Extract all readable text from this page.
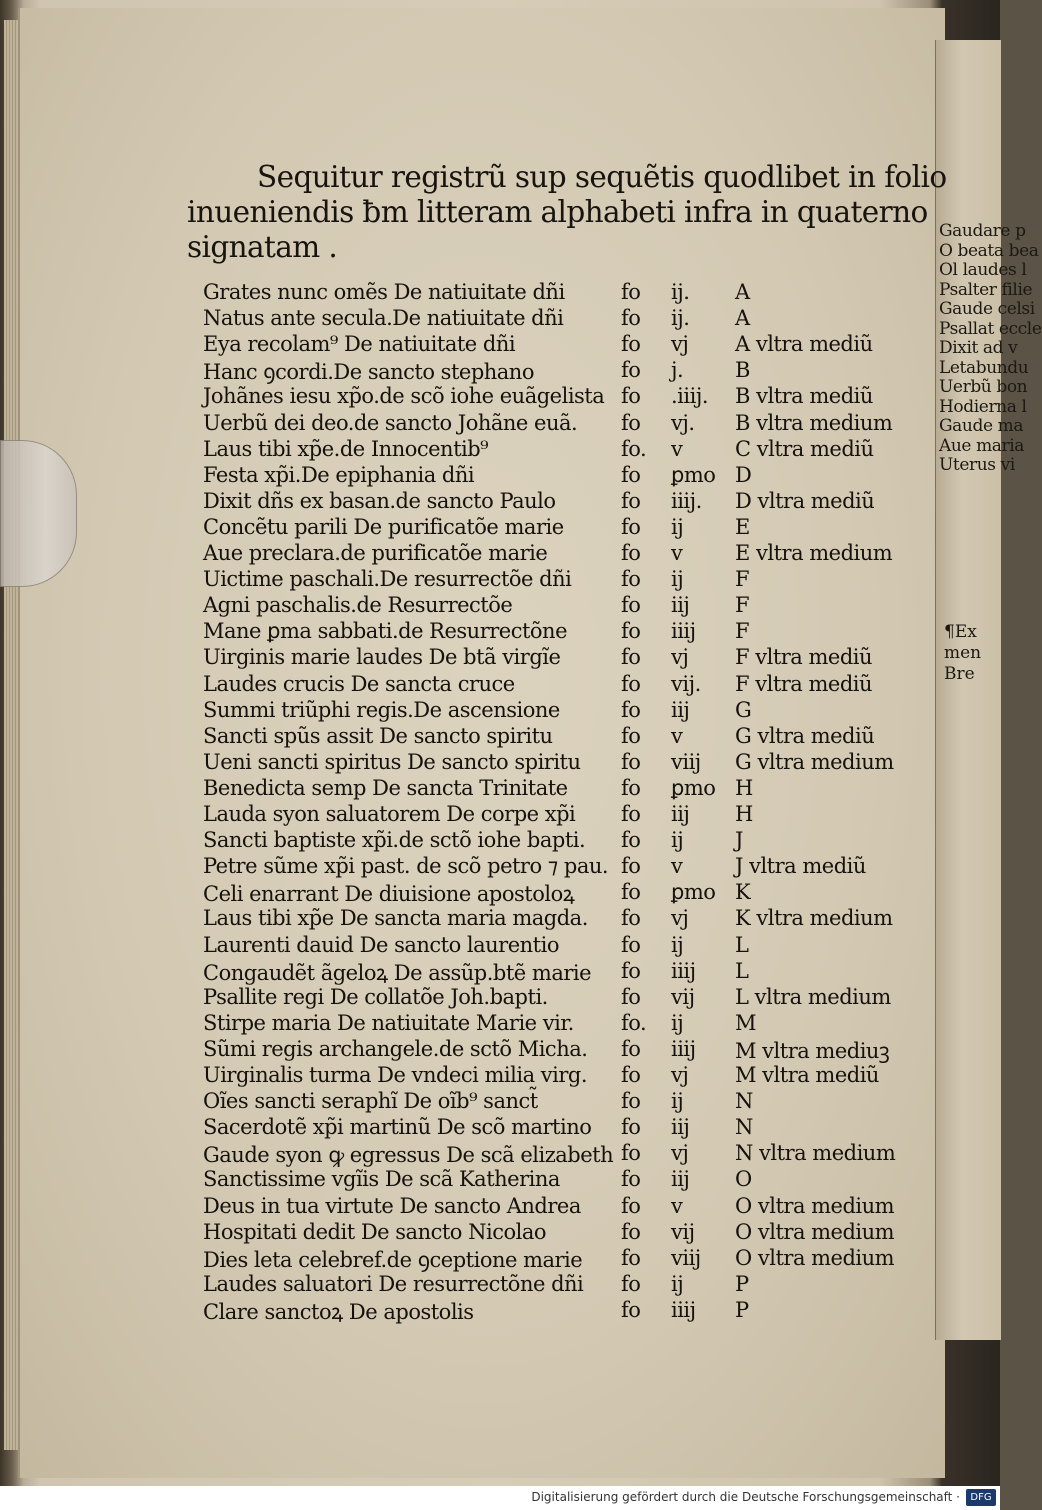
Gaudare p
O beata bea
Ol laudes l
Psalter filie
Gaude celsi
Psallat eccle
Dixit ad v
Letabundu
Uerbũ bon
Hodierna l
Gaude ma
Aue maria
Uterus vi
¶Ex
men
Bre
Sequitur registrũ sup sequẽtis quodlibet in folio
inueniendis ƀm litteram alphabeti infra in quaterno
signatam .
Grates nunc omẽs De natiuitate dñi	fo ij. A
Natus ante secula.De natiuitate dñi	fo ij. A
Eya recolam⁹ De natiuitate dñi	fo vj A vltra mediũ
Hanc ꝯcordi.De sancto stephano	fo j. B
Johãnes iesu xp̃o.de scõ iohe euãgelista fo .iiij. B vltra mediũ
Uerbũ dei deo.de sancto Johãne euã. fo vj. B vltra medium
Laus tibi xp̃e.de Innocentib⁹	fo. v	C vltra mediũ
Festa xp̃i.De epiphania dñi	fo ꝑmo D
Dixit dñs ex basan.de sancto Paulo	fo iiij. D vltra mediũ
Concẽtu parili De purificatõe marie	fo ij E
Aue preclara.de purificatõe marie	fo v	E vltra medium
Uictime paschali.De resurrectõe dñi fo ij F
Agni paschalis.de Resurrectõe	fo iij F
Mane ꝑma sabbati.de Resurrectõne	fo iiij F
Uirginis marie laudes De btã virgĩe	fo vj F vltra mediũ
Laudes crucis De sancta cruce	fo vij. F vltra mediũ
Summi triũphi regis.De ascensione	fo iij G
Sancti spũs assit De sancto spiritu	fo v	G vltra mediũ
Ueni sancti spiritus De sancto spiritu fo viij G vltra medium
Benedicta semp De sancta Trinitate	fo ꝑmo H
Lauda syon saluatorem De corpe xp̃i fo iij H
Sancti baptiste xp̃i.de sctõ iohe bapti. fo ij J
Petre sũme xp̃i past. de scõ petro ⁊ pau. fo v	J vltra mediũ
Celi enarrant De diuisione apostoloꝝ fo ꝑmo K
Laus tibi xp̃e De sancta maria magda. fo vj K vltra medium
Laurenti dauid De sancto laurentio	fo ij L
Congaudẽt ãgeloꝝ De assũp.btẽ marie fo iiij L
Psallite regi De collatõe Joh.bapti.	fo vij L vltra medium
Stirpe maria De natiuitate Marie vir. fo. ij M
Sũmi regis archangele.de sctõ Micha. fo iiij M vltra mediuꝫ
Uirginalis turma De vndeci milia virg. fo vj M vltra mediũ
Oĩes sancti seraphĩ De oĩb⁹ sanct̃	fo ij N
Sacerdotẽ xp̃i martinũ De scõ martino fo iij N
Gaude syon ꝙ egressus De scã elizabeth fo vj N vltra medium
Sanctissime vgĩis De scã Katherina	fo iij O
Deus in tua virtute De sancto Andrea fo v	O vltra medium
Hospitati dedit De sancto Nicolao	fo vij O vltra medium
Dies leta celebref.de ꝯceptione marie fo viij O vltra medium
Laudes saluatori De resurrectõne dñi fo ij P
Clare sanctoꝝ De apostolis	fo iiij P
Digitalisierung gefördert durch die Deutsche Forschungsgemeinschaft ·	DFG
